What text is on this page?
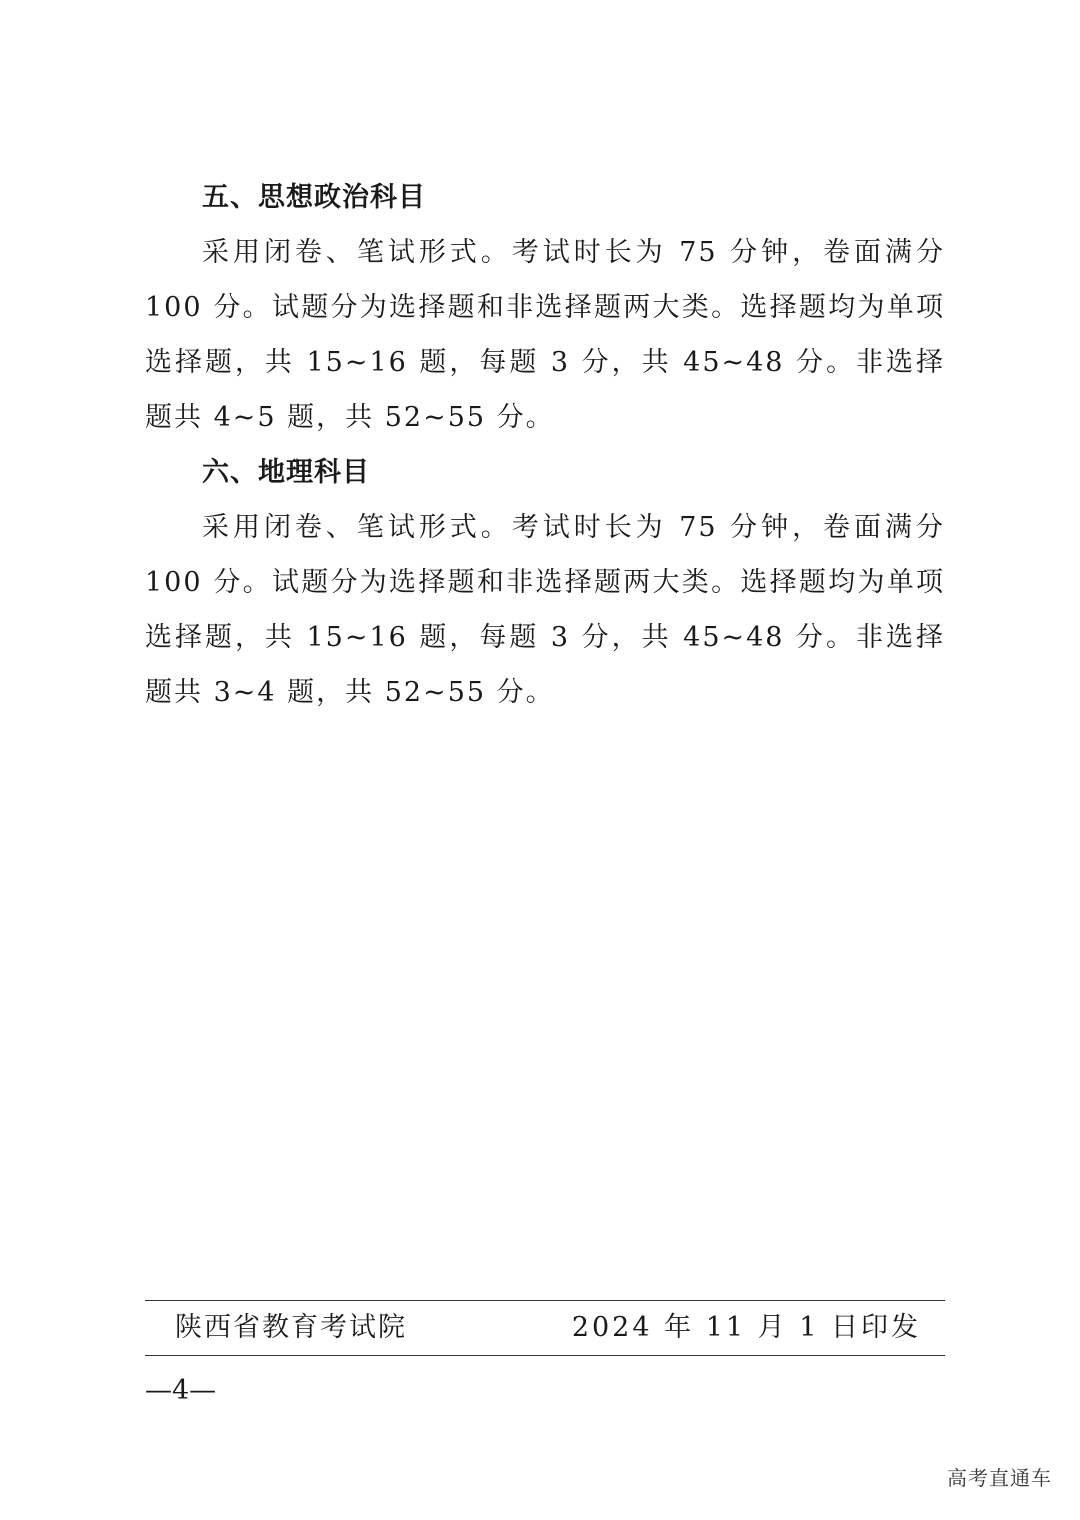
五、思想政治科目

采用闭卷、笔试形式。考试时长为 75 分钟，卷面满分 100 分。试题分为选择题和非选择题两大类。选择题均为单项选择题，共 15~16 题，每题 3 分，共 45~48 分。非选择题共 4~5 题，共 52~55 分。

六、地理科目

采用闭卷、笔试形式。考试时长为 75 分钟，卷面满分 100 分。试题分为选择题和非选择题两大类。选择题均为单项选择题，共 15~16 题，每题 3 分，共 45~48 分。非选择题共 3~4 题，共 52~55 分。

陕西省教育考试院	2024 年 11 月 1 日印发
—4—
高考直通车
